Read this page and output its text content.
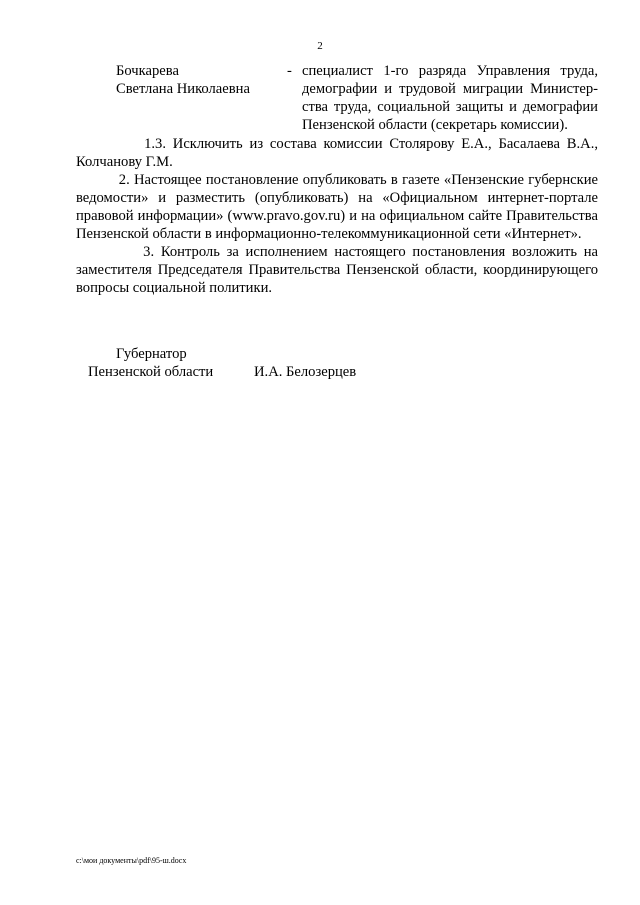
2
Бочкарева
Светлана Николаевна
- специалист 1-го разряда Управления труда,
демографии и трудовой миграции Министер-
ства труда, социальной защиты и демографии
Пензенской области (секретарь комиссии).
1.3. Исключить из состава комиссии Столярову Е.А., Басалаева В.А.,
Колчанову Г.М.
2. Настоящее постановление опубликовать в газете «Пензенские губернские
ведомости» и разместить (опубликовать) на «Официальном интернет-портале
правовой информации» (www.pravo.gov.ru) и на официальном сайте Правительства
Пензенской области в информационно-телекоммуникационной сети «Интернет».
3. Контроль за исполнением настоящего постановления возложить на
заместителя Председателя Правительства Пензенской области, координирующего
вопросы социальной политики.
Губернатор
Пензенской области	И.А. Белозерцев
c:\мои документы\pdf\95-ш.docx
